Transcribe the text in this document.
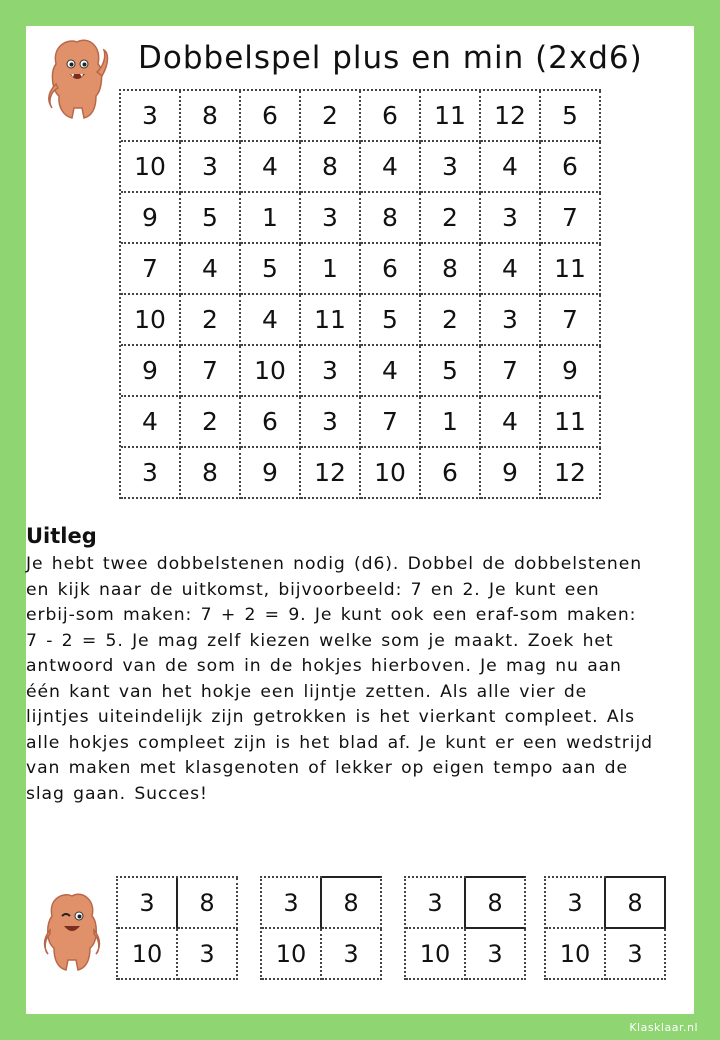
Dobbelspel plus en min (2xd6)
3	8	6	2	6	11	12	5
10	3	4	8	4	3	4	6
9	5	1	3	8	2	3	7
7	4	5	1	6	8	4	11
10	2	4	11	5	2	3	7
9	7	10	3	4	5	7	9
4	2	6	3	7	1	4	11
3	8	9	12	10	6	9	12
Uitleg
Je hebt twee dobbelstenen nodig (d6). Dobbel de dobbelstenen en kijk naar de uitkomst, bijvoorbeeld: 7 en 2. Je kunt een erbij-som maken: 7 + 2 = 9. Je kunt ook een eraf-som maken: 7 - 2 = 5. Je mag zelf kiezen welke som je maakt. Zoek het antwoord van de som in de hokjes hierboven. Je mag nu aan één kant van het hokje een lijntje zetten. Als alle vier de lijntjes uiteindelijk zijn getrokken is het vierkant compleet. Als alle hokjes compleet zijn is het blad af. Je kunt er een wedstrijd van maken met klasgenoten of lekker op eigen tempo aan de slag gaan. Succes!
3	8
10	3
3	8
10	3
3	8
10	3
3	8
10	3
Klasklaar.nl
